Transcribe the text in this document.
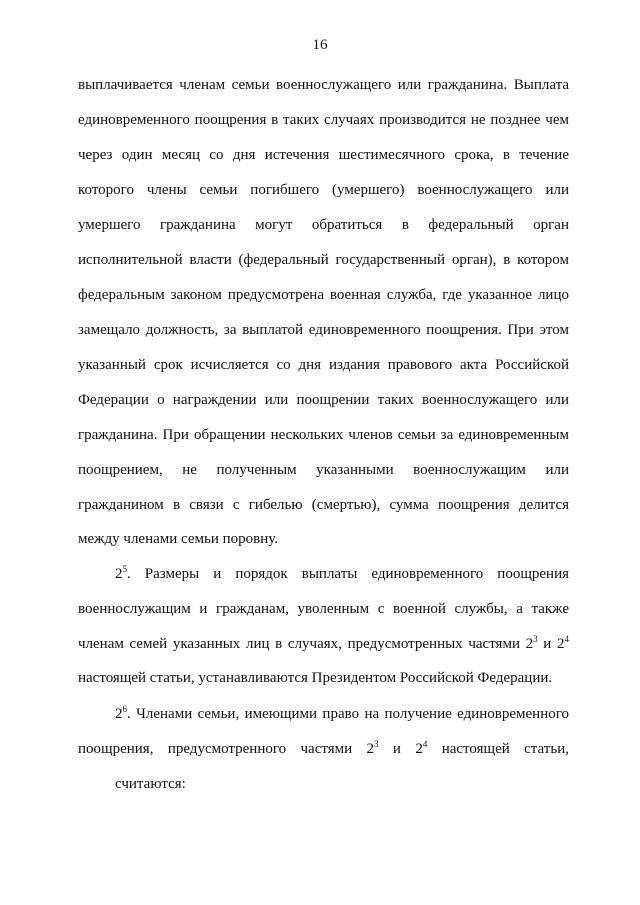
16
выплачивается членам семьи военнослужащего или гражданина. Выплата
единовременного поощрения в таких случаях производится не позднее чем
через один месяц со дня истечения шестимесячного срока, в течение
которого члены семьи погибшего (умершего) военнослужащего или
умершего гражданина могут обратиться в федеральный орган
исполнительной власти (федеральный государственный орган), в котором
федеральным законом предусмотрена военная служба, где указанное лицо
замещало должность, за выплатой единовременного поощрения. При этом
указанный срок исчисляется со дня издания правового акта Российской
Федерации о награждении или поощрении таких военнослужащего или
гражданина. При обращении нескольких членов семьи за единовременным
поощрением, не полученным указанными военнослужащим или
гражданином в связи с гибелью (смертью), сумма поощрения делится
между членами семьи поровну.
$2^5$. Размеры и порядок выплаты единовременного поощрения
военнослужащим и гражданам, уволенным с военной службы, а также
членам семей указанных лиц в случаях, предусмотренных частями $2^3$ и $2^4$
настоящей статьи, устанавливаются Президентом Российской Федерации.
$2^6$. Членами семьи, имеющими право на получение единовременного
поощрения, предусмотренного частями $2^3$ и $2^4$ настоящей статьи,
считаются:
